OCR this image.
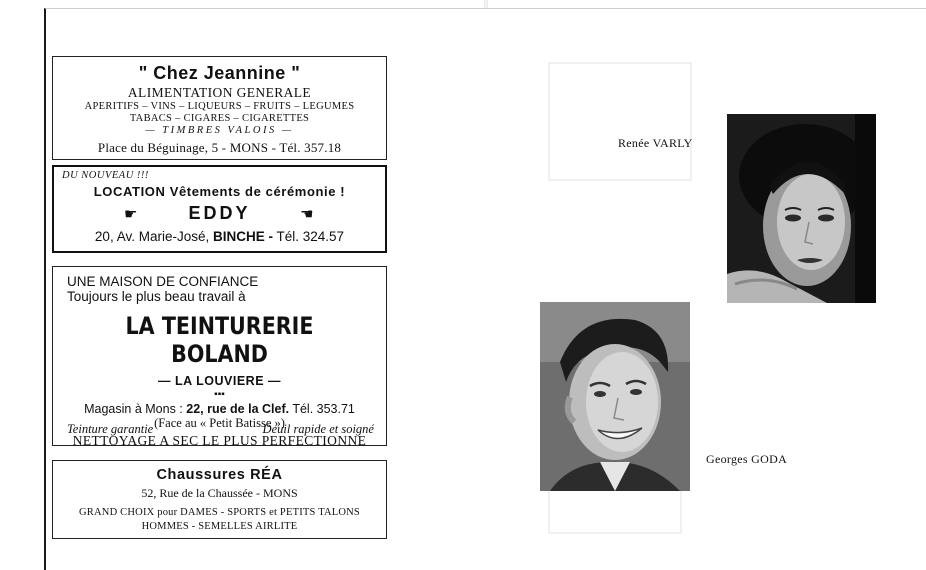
" Chez Jeannine "
ALIMENTATION GENERALE
APERITIFS – VINS – LIQUEURS – FRUITS – LEGUMES
TABACS – CIGARES – CIGARETTES
— TIMBRES VALOIS —
Place du Béguinage, 5 - MONS - Tél. 357.18
DU NOUVEAU !!!
LOCATION Vêtements de cérémonie !
☛	EDDY	☛
20, Av. Marie-José, BINCHE - Tél. 324.57
UNE MAISON DE CONFIANCE
Toujours le plus beau travail à
LA TEINTURERIE BOLAND
— LA LOUVIERE —
▪▪▪
Magasin à Mons : 22, rue de la Clef. Tél. 353.71
(Face au « Petit Batisse »)
NETTOYAGE A SEC LE PLUS PERFECTIONNE
Teinture garantie	Deuil rapide et soigné
Chaussures RÉA
52, Rue de la Chaussée - MONS
GRAND CHOIX pour DAMES - SPORTS et PETITS TALONS
HOMMES - SEMELLES AIRLITE
Renée VARLY
Georges GODA
